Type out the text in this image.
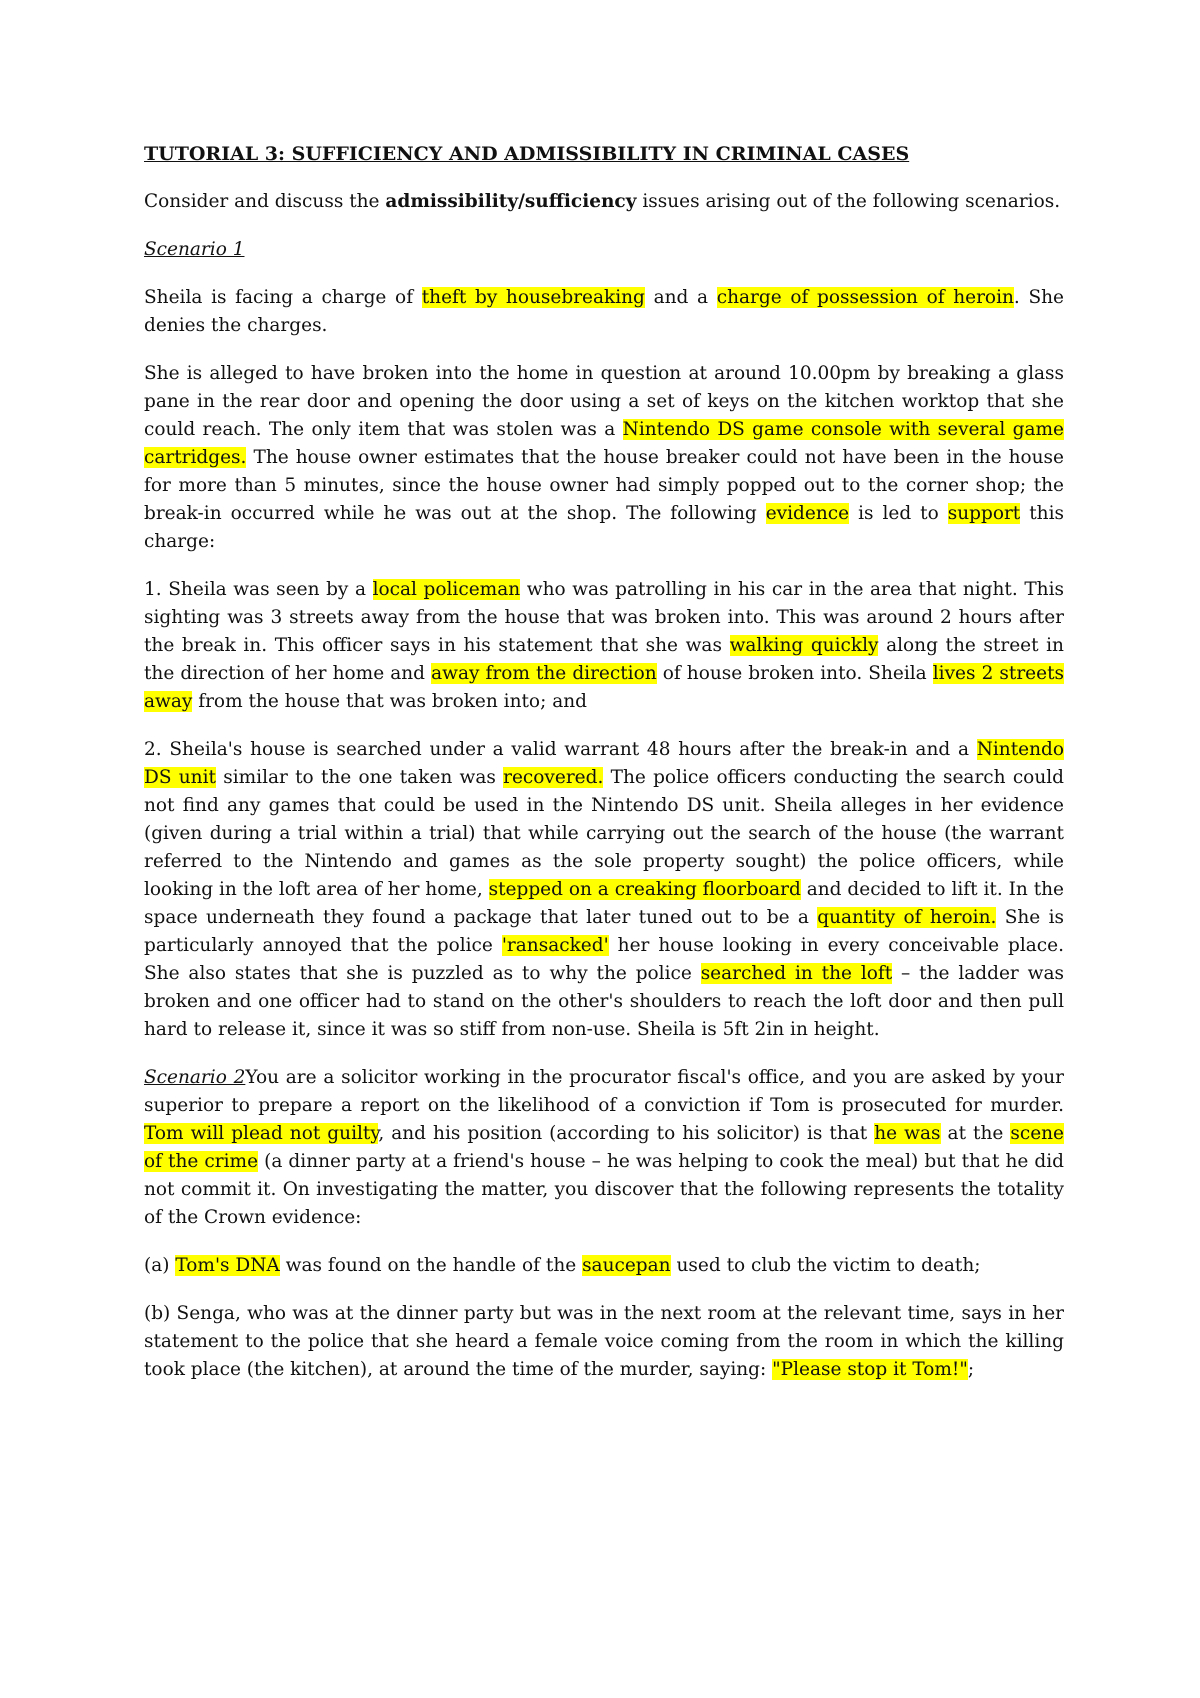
TUTORIAL 3: SUFFICIENCY AND ADMISSIBILITY IN CRIMINAL CASES

Consider and discuss the admissibility/sufficiency issues arising out of the following scenarios.

Scenario 1

Sheila is facing a charge of theft by housebreaking and a charge of possession of heroin. She denies the charges.

She is alleged to have broken into the home in question at around 10.00pm by breaking a glass pane in the rear door and opening the door using a set of keys on the kitchen worktop that she could reach. The only item that was stolen was a Nintendo DS game console with several game cartridges. The house owner estimates that the house breaker could not have been in the house for more than 5 minutes, since the house owner had simply popped out to the corner shop; the break-in occurred while he was out at the shop. The following evidence is led to support this charge:

1. Sheila was seen by a local policeman who was patrolling in his car in the area that night. This sighting was 3 streets away from the house that was broken into. This was around 2 hours after the break in. This officer says in his statement that she was walking quickly along the street in the direction of her home and away from the direction of house broken into. Sheila lives 2 streets away from the house that was broken into; and

2. Sheila's house is searched under a valid warrant 48 hours after the break-in and a Nintendo DS unit similar to the one taken was recovered. The police officers conducting the search could not find any games that could be used in the Nintendo DS unit. Sheila alleges in her evidence (given during a trial within a trial) that while carrying out the search of the house (the warrant referred to the Nintendo and games as the sole property sought) the police officers, while looking in the loft area of her home, stepped on a creaking floorboard and decided to lift it. In the space underneath they found a package that later tuned out to be a quantity of heroin. She is particularly annoyed that the police 'ransacked' her house looking in every conceivable place. She also states that she is puzzled as to why the police searched in the loft – the ladder was broken and one officer had to stand on the other's shoulders to reach the loft door and then pull hard to release it, since it was so stiff from non-use. Sheila is 5ft 2in in height.

Scenario 2You are a solicitor working in the procurator fiscal's office, and you are asked by your superior to prepare a report on the likelihood of a conviction if Tom is prosecuted for murder. Tom will plead not guilty, and his position (according to his solicitor) is that he was at the scene of the crime (a dinner party at a friend's house – he was helping to cook the meal) but that he did not commit it. On investigating the matter, you discover that the following represents the totality of the Crown evidence:

(a) Tom's DNA was found on the handle of the saucepan used to club the victim to death;

(b) Senga, who was at the dinner party but was in the next room at the relevant time, says in her statement to the police that she heard a female voice coming from the room in which the killing took place (the kitchen), at around the time of the murder, saying: "Please stop it Tom!";
